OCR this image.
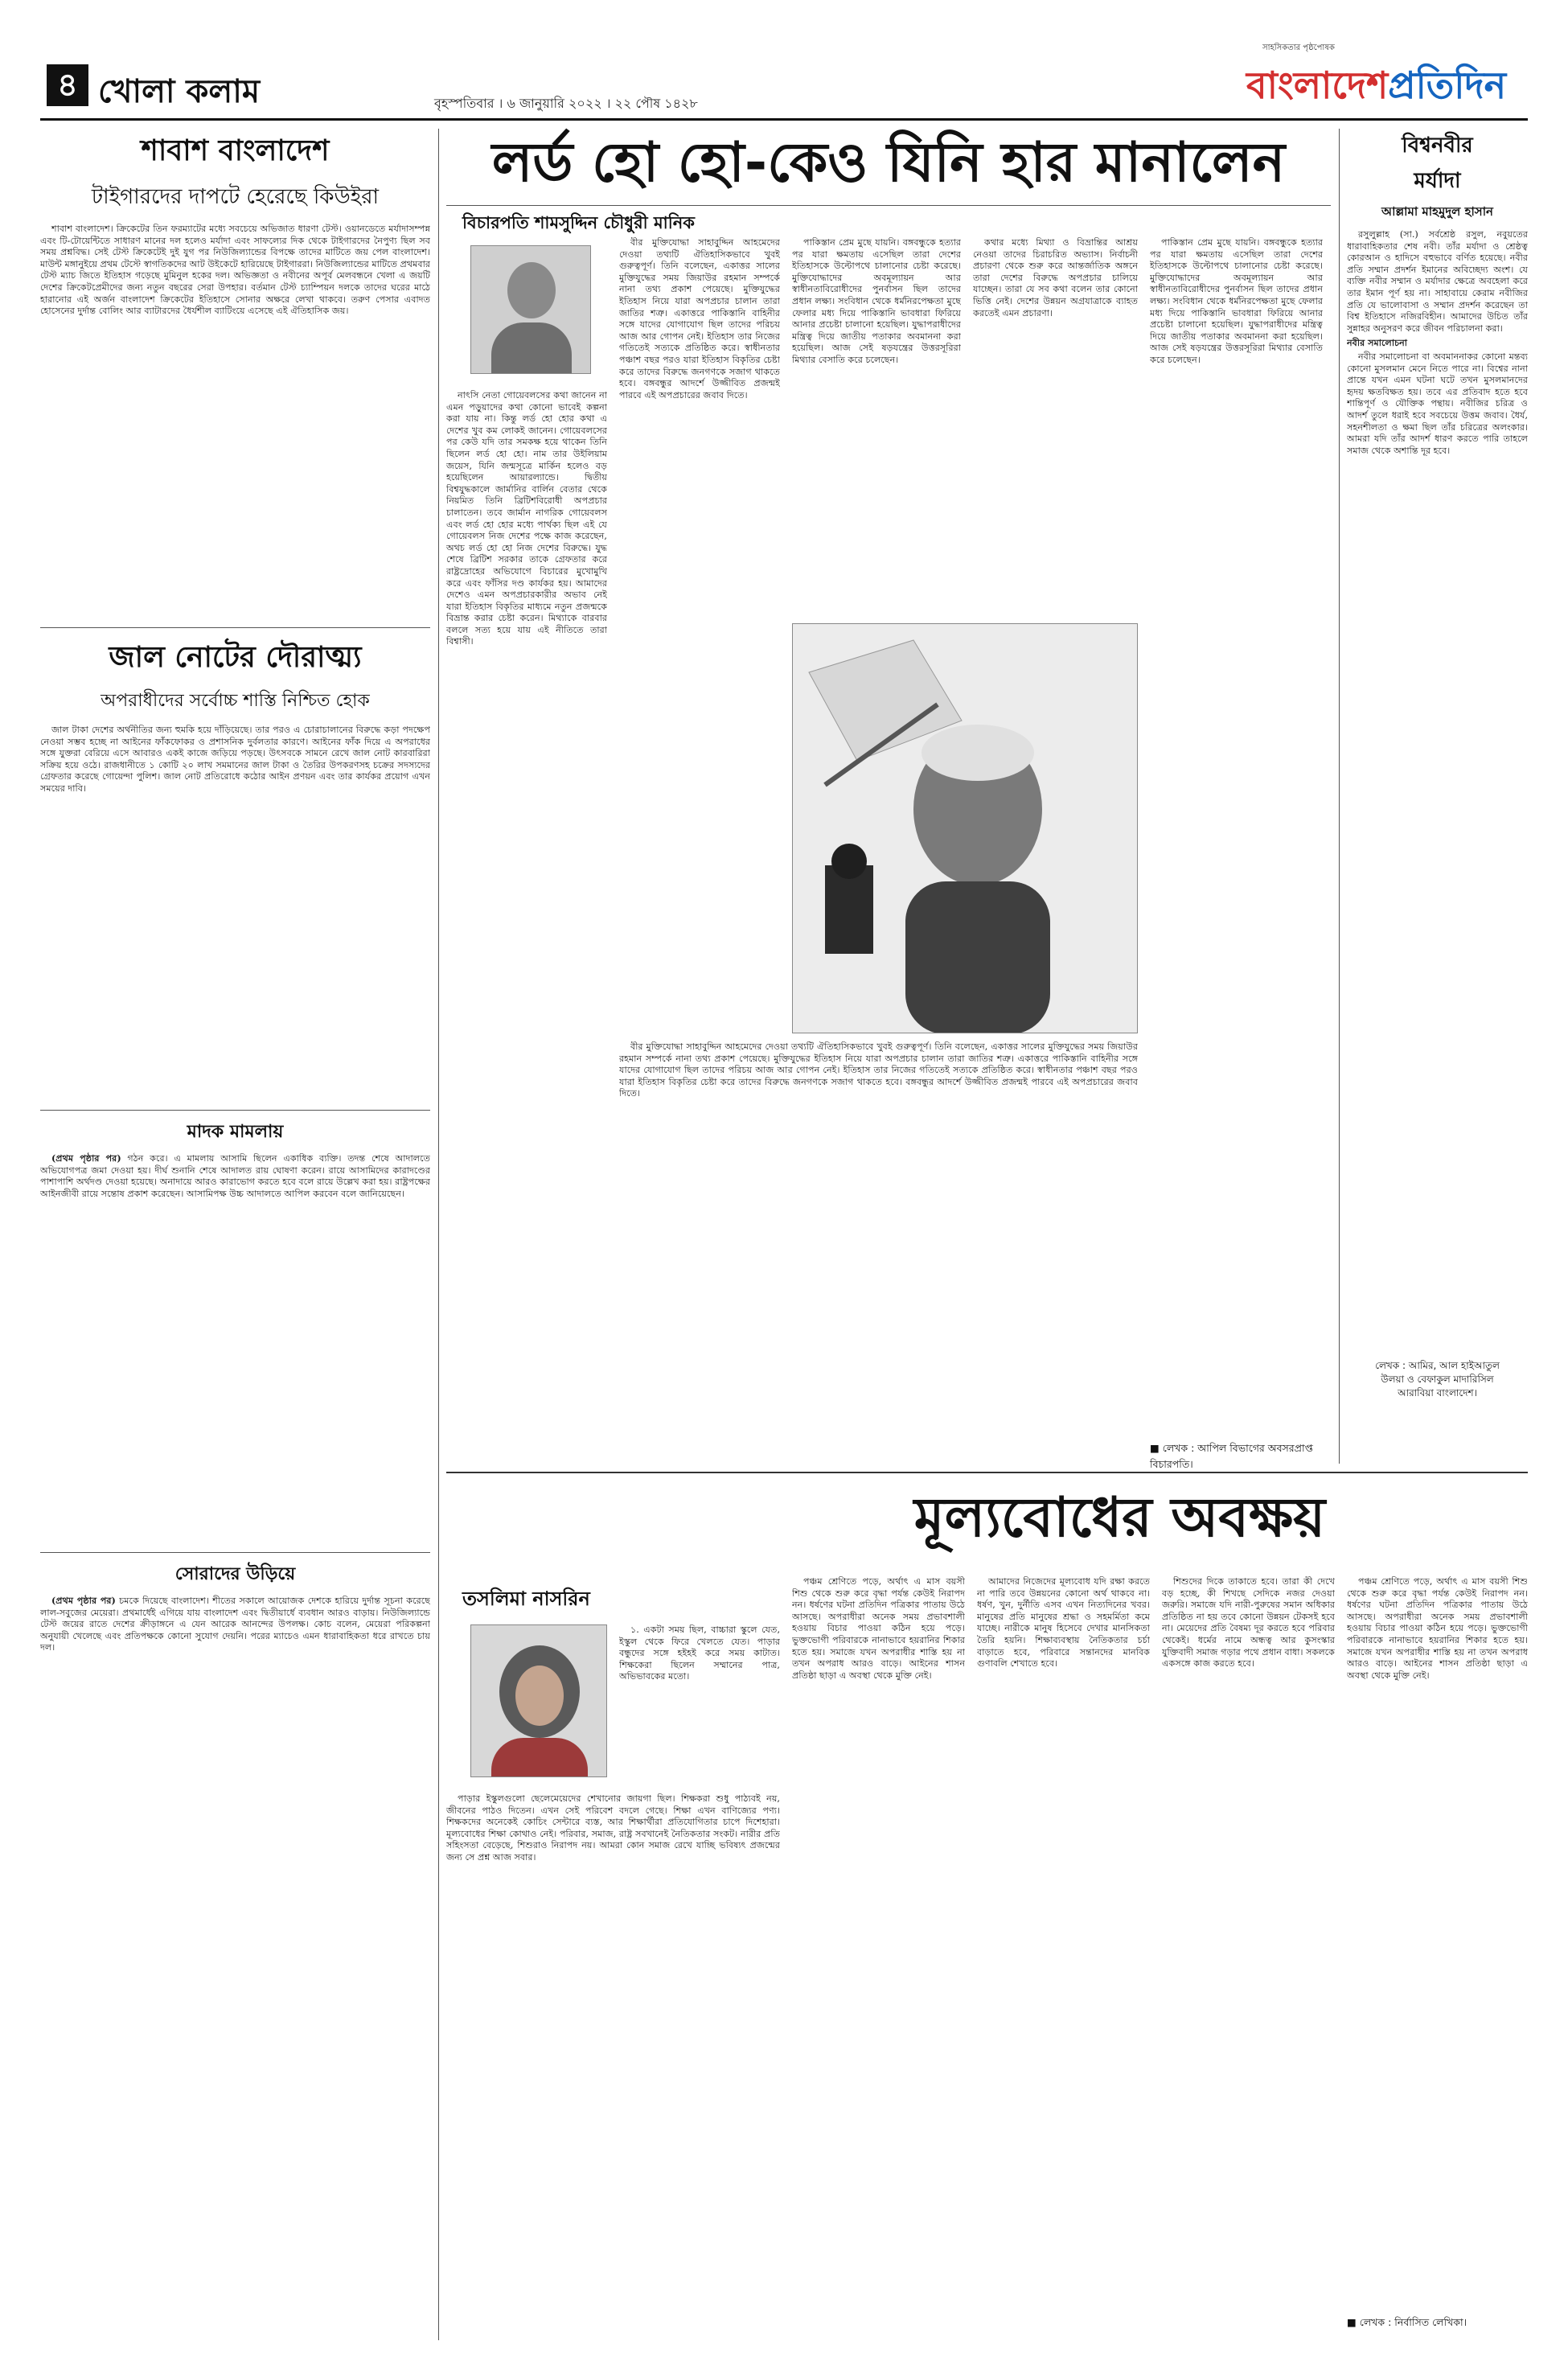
৪ খোলা কলাম	বৃহস্পতিবার । ৬ জানুয়ারি ২০২২ । ২২ পৌষ ১৪২৮
সাহসিকতার পৃষ্ঠপোষক
বাংলাদেশপ্রতিদিন
শাবাশ বাংলাদেশ
টাইগারদের দাপটে হেরেছে কিউইরা

শাবাশ বাংলাদেশ। ক্রিকেটের তিন ফরম্যাটের মধ্যে সবচেয়ে অভিজাত ধারণা টেস্ট। ওয়ানডেতে মর্যাদাসম্পন্ন এবং টি-টোয়েন্টিতে সাধারণ মানের দল হলেও মর্যাদা এবং সাফল্যের দিক থেকে টাইগারদের নৈপুণ্য ছিল সব সময় প্রশ্নবিদ্ধ। সেই টেস্ট ক্রিকেটেই দুই যুগ পর নিউজিল্যান্ডের বিপক্ষে তাদের মাটিতে জয় পেল বাংলাদেশ। মাউন্ট মঙ্গানুইয়ে প্রথম টেস্টে স্বাগতিকদের আট উইকেটে হারিয়েছে টাইগাররা। নিউজিল্যান্ডের মাটিতে প্রথমবার টেস্ট ম্যাচ জিতে ইতিহাস গড়েছে মুমিনুল হকের দল। অভিজ্ঞতা ও নবীনের অপূর্ব মেলবন্ধনে খেলা এ জয়টি দেশের ক্রিকেটপ্রেমীদের জন্য নতুন বছরের সেরা উপহার। বর্তমান টেস্ট চ্যাম্পিয়ন দলকে তাদের ঘরের মাঠে হারানোর এই অর্জন বাংলাদেশ ক্রিকেটের ইতিহাসে সোনার অক্ষরে লেখা থাকবে। তরুণ পেসার এবাদত হোসেনের দুর্দান্ত বোলিং আর ব্যাটারদের ধৈর্যশীল ব্যাটিংয়ে এসেছে এই ঐতিহাসিক জয়।

জাল নোটের দৌরাত্ম্য
অপরাধীদের সর্বোচ্চ শাস্তি নিশ্চিত হোক

জাল টাকা দেশের অর্থনীতির জন্য হুমকি হয়ে দাঁড়িয়েছে। তার পরও এ চোরাচালানের বিরুদ্ধে কড়া পদক্ষেপ নেওয়া সম্ভব হচ্ছে না আইনের ফাঁকফোকর ও প্রশাসনিক দুর্বলতার কারণে। আইনের ফাঁক দিয়ে এ অপরাধের সঙ্গে যুক্তরা বেরিয়ে এসে আবারও একই কাজে জড়িয়ে পড়ছে। উৎসবকে সামনে রেখে জাল নোট কারবারিরা সক্রিয় হয়ে ওঠে। রাজধানীতে ১ কোটি ২০ লাখ সমমানের জাল টাকা ও তৈরির উপকরণসহ চক্রের সদস্যদের গ্রেফতার করেছে গোয়েন্দা পুলিশ। জাল নোট প্রতিরোধে কঠোর আইন প্রণয়ন এবং তার কার্যকর প্রয়োগ এখন সময়ের দাবি।

মাদক মামলায়

(প্রথম পৃষ্ঠার পর) গঠন করে। এ মামলায় আসামি ছিলেন একাধিক ব্যক্তি। তদন্ত শেষে আদালতে অভিযোগপত্র জমা দেওয়া হয়। দীর্ঘ শুনানি শেষে আদালত রায় ঘোষণা করেন। রায়ে আসামিদের কারাদণ্ডের পাশাপাশি অর্থদণ্ড দেওয়া হয়েছে। অনাদায়ে আরও কারাভোগ করতে হবে বলে রায়ে উল্লেখ করা হয়। রাষ্ট্রপক্ষের আইনজীবী রায়ে সন্তোষ প্রকাশ করেছেন। আসামিপক্ষ উচ্চ আদালতে আপিল করবেন বলে জানিয়েছেন।

সোরাদের উড়িয়ে

(প্রথম পৃষ্ঠার পর) চমকে দিয়েছে বাংলাদেশ। শীতের সকালে আয়োজক দেশকে হারিয়ে দুর্দান্ত সূচনা করেছে লাল-সবুজের মেয়েরা। প্রথমার্ধেই এগিয়ে যায় বাংলাদেশ এবং দ্বিতীয়ার্ধে ব্যবধান আরও বাড়ায়। নিউজিল্যান্ডে টেস্ট জয়ের রাতে দেশের ক্রীড়াঙ্গনে এ যেন আরেক আনন্দের উপলক্ষ। কোচ বলেন, মেয়েরা পরিকল্পনা অনুযায়ী খেলেছে এবং প্রতিপক্ষকে কোনো সুযোগ দেয়নি। পরের ম্যাচেও এমন ধারাবাহিকতা ধরে রাখতে চায় দল।

লর্ড হো হো-কেও যিনি হার মানালেন
বিচারপতি শামসুদ্দিন চৌধুরী মানিক

নাৎসি নেতা গোয়েবলসের কথা জানেন না এমন পড়ুয়াদের কথা কোনো ভাবেই কল্পনা করা যায় না। কিন্তু লর্ড হো হোর কথা এ দেশের খুব কম লোকই জানেন। গোয়েবলসের পর কেউ যদি তার সমকক্ষ হয়ে থাকেন তিনি ছিলেন লর্ড হো হো। নাম তার উইলিয়াম জয়েস, যিনি জন্মসূত্রে মার্কিন হলেও বড় হয়েছিলেন আয়ারল্যান্ডে। দ্বিতীয় বিশ্বযুদ্ধকালে জার্মানির বার্লিন বেতার থেকে নিয়মিত তিনি ব্রিটিশবিরোধী অপপ্রচার চালাতেন। তবে জার্মান নাগরিক গোয়েবলস এবং লর্ড হো হোর মধ্যে পার্থক্য ছিল এই যে গোয়েবলস নিজ দেশের পক্ষে কাজ করেছেন, অথচ লর্ড হো হো নিজ দেশের বিরুদ্ধে। যুদ্ধ শেষে ব্রিটিশ সরকার তাকে গ্রেফতার করে রাষ্ট্রদ্রোহের অভিযোগে বিচারের মুখোমুখি করে এবং ফাঁসির দণ্ড কার্যকর হয়। আমাদের দেশেও এমন অপপ্রচারকারীর অভাব নেই যারা ইতিহাস বিকৃতির মাধ্যমে নতুন প্রজন্মকে বিভ্রান্ত করার চেষ্টা করেন। মিথ্যাকে বারবার বললে সত্য হয়ে যায় এই নীতিতে তারা বিশ্বাসী।

বীর মুক্তিযোদ্ধা সাহাবুদ্দিন আহমেদের দেওয়া তথ্যটি ঐতিহাসিকভাবে খুবই গুরুত্বপূর্ণ। তিনি বলেছেন, একাত্তর সালের মুক্তিযুদ্ধের সময় জিয়াউর রহমান সম্পর্কে নানা তথ্য প্রকাশ পেয়েছে। মুক্তিযুদ্ধের ইতিহাস নিয়ে যারা অপপ্রচার চালান তারা জাতির শত্রু। একাত্তরে পাকিস্তানি বাহিনীর সঙ্গে যাদের যোগাযোগ ছিল তাদের পরিচয় আজ আর গোপন নেই। ইতিহাস তার নিজের গতিতেই সত্যকে প্রতিষ্ঠিত করে। স্বাধীনতার পঞ্চাশ বছর পরও যারা ইতিহাস বিকৃতির চেষ্টা করে তাদের বিরুদ্ধে জনগণকে সজাগ থাকতে হবে। বঙ্গবন্ধুর আদর্শে উজ্জীবিত প্রজন্মই পারবে এই অপপ্রচারের জবাব দিতে।

পাকিস্তান প্রেম মুছে যায়নি। বঙ্গবন্ধুকে হত্যার পর যারা ক্ষমতায় এসেছিল তারা দেশের ইতিহাসকে উল্টোপথে চালানোর চেষ্টা করেছে। মুক্তিযোদ্ধাদের অবমূল্যায়ন আর স্বাধীনতাবিরোধীদের পুনর্বাসন ছিল তাদের প্রধান লক্ষ্য। সংবিধান থেকে ধর্মনিরপেক্ষতা মুছে ফেলার মধ্য দিয়ে পাকিস্তানি ভাবধারা ফিরিয়ে আনার প্রচেষ্টা চালানো হয়েছিল। যুদ্ধাপরাধীদের মন্ত্রিত্ব দিয়ে জাতীয় পতাকার অবমাননা করা হয়েছিল। আজ সেই ষড়যন্ত্রের উত্তরসূরিরা মিথ্যার বেসাতি করে চলেছেন।

কথার মধ্যে মিথ্যা ও বিভ্রান্তির আশ্রয় নেওয়া তাদের চিরাচরিত অভ্যাস। নির্বাচনী প্রচারণা থেকে শুরু করে আন্তর্জাতিক অঙ্গনে তারা দেশের বিরুদ্ধে অপপ্রচার চালিয়ে যাচ্ছেন। তারা যে সব কথা বলেন তার কোনো ভিত্তি নেই। দেশের উন্নয়ন অগ্রযাত্রাকে ব্যাহত করতেই এমন প্রচারণা।

পাকিস্তান প্রেম মুছে যায়নি। বঙ্গবন্ধুকে হত্যার পর যারা ক্ষমতায় এসেছিল তারা দেশের ইতিহাসকে উল্টোপথে চালানোর চেষ্টা করেছে। মুক্তিযোদ্ধাদের অবমূল্যায়ন আর স্বাধীনতাবিরোধীদের পুনর্বাসন ছিল তাদের প্রধান লক্ষ্য। সংবিধান থেকে ধর্মনিরপেক্ষতা মুছে ফেলার মধ্য দিয়ে পাকিস্তানি ভাবধারা ফিরিয়ে আনার প্রচেষ্টা চালানো হয়েছিল। যুদ্ধাপরাধীদের মন্ত্রিত্ব দিয়ে জাতীয় পতাকার অবমাননা করা হয়েছিল। আজ সেই ষড়যন্ত্রের উত্তরসূরিরা মিথ্যার বেসাতি করে চলেছেন।

বীর মুক্তিযোদ্ধা সাহাবুদ্দিন আহমেদের দেওয়া তথ্যটি ঐতিহাসিকভাবে খুবই গুরুত্বপূর্ণ। তিনি বলেছেন, একাত্তর সালের মুক্তিযুদ্ধের সময় জিয়াউর রহমান সম্পর্কে নানা তথ্য প্রকাশ পেয়েছে। মুক্তিযুদ্ধের ইতিহাস নিয়ে যারা অপপ্রচার চালান তারা জাতির শত্রু। একাত্তরে পাকিস্তানি বাহিনীর সঙ্গে যাদের যোগাযোগ ছিল তাদের পরিচয় আজ আর গোপন নেই। ইতিহাস তার নিজের গতিতেই সত্যকে প্রতিষ্ঠিত করে। স্বাধীনতার পঞ্চাশ বছর পরও যারা ইতিহাস বিকৃতির চেষ্টা করে তাদের বিরুদ্ধে জনগণকে সজাগ থাকতে হবে। বঙ্গবন্ধুর আদর্শে উজ্জীবিত প্রজন্মই পারবে এই অপপ্রচারের জবাব দিতে।

■ লেখক : আপিল বিভাগের অবসরপ্রাপ্ত বিচারপতি।
বিশ্বনবীর
মর্যাদা
আল্লামা মাহমুদুল হাসান

রসুলুল্লাহ (সা.) সর্বশ্রেষ্ঠ রসুল, নবুয়তের ধারাবাহিকতার শেষ নবী। তাঁর মর্যাদা ও শ্রেষ্ঠত্ব কোরআন ও হাদিসে বহুভাবে বর্ণিত হয়েছে। নবীর প্রতি সম্মান প্রদর্শন ইমানের অবিচ্ছেদ্য অংশ। যে ব্যক্তি নবীর সম্মান ও মর্যাদার ক্ষেত্রে অবহেলা করে তার ইমান পূর্ণ হয় না। সাহাবায়ে কেরাম নবীজির প্রতি যে ভালোবাসা ও সম্মান প্রদর্শন করেছেন তা বিশ্ব ইতিহাসে নজিরবিহীন। আমাদের উচিত তাঁর সুন্নাহর অনুসরণ করে জীবন পরিচালনা করা।

নবীর সমালোচনা

নবীর সমালোচনা বা অবমাননাকর কোনো মন্তব্য কোনো মুসলমান মেনে নিতে পারে না। বিশ্বের নানা প্রান্তে যখন এমন ঘটনা ঘটে তখন মুসলমানদের হৃদয় ক্ষতবিক্ষত হয়। তবে এর প্রতিবাদ হতে হবে শান্তিপূর্ণ ও যৌক্তিক পন্থায়। নবীজির চরিত্র ও আদর্শ তুলে ধরাই হবে সবচেয়ে উত্তম জবাব। ধৈর্য, সহনশীলতা ও ক্ষমা ছিল তাঁর চরিত্রের অলংকার। আমরা যদি তাঁর আদর্শ ধারণ করতে পারি তাহলে সমাজ থেকে অশান্তি দূর হবে।

লেখক : আমির, আল হাইআতুল
উলয়া ও বেফাকুল মাদারিসিল
আরাবিয়া বাংলাদেশ।
মূল্যবোধের অবক্ষয়
তসলিমা নাসরিন

১. একটা সময় ছিল, বাচ্চারা স্কুলে যেত, ইস্কুল থেকে ফিরে খেলতে যেত। পাড়ার বন্ধুদের সঙ্গে হইহই করে সময় কাটাত। শিক্ষকেরা ছিলেন সম্মানের পাত্র, অভিভাবকের মতো।

পাড়ার ইস্কুলগুলো ছেলেমেয়েদের শেখানোর জায়গা ছিল। শিক্ষকরা শুধু পাঠ্যবই নয়, জীবনের পাঠও দিতেন। এখন সেই পরিবেশ বদলে গেছে। শিক্ষা এখন বাণিজ্যের পণ্য। শিক্ষকদের অনেকেই কোচিং সেন্টারে ব্যস্ত, আর শিক্ষার্থীরা প্রতিযোগিতার চাপে দিশেহারা। মূল্যবোধের শিক্ষা কোথাও নেই। পরিবার, সমাজ, রাষ্ট্র সবখানেই নৈতিকতার সংকট। নারীর প্রতি সহিংসতা বেড়েছে, শিশুরাও নিরাপদ নয়। আমরা কোন সমাজ রেখে যাচ্ছি ভবিষ্যৎ প্রজন্মের জন্য সে প্রশ্ন আজ সবার।

পঞ্চম শ্রেণিতে পড়ে, অর্থাৎ এ মাস বয়সী শিশু থেকে শুরু করে বৃদ্ধা পর্যন্ত কেউই নিরাপদ নন। ধর্ষণের ঘটনা প্রতিদিন পত্রিকার পাতায় উঠে আসছে। অপরাধীরা অনেক সময় প্রভাবশালী হওয়ায় বিচার পাওয়া কঠিন হয়ে পড়ে। ভুক্তভোগী পরিবারকে নানাভাবে হয়রানির শিকার হতে হয়। সমাজে যখন অপরাধীর শাস্তি হয় না তখন অপরাধ আরও বাড়ে। আইনের শাসন প্রতিষ্ঠা ছাড়া এ অবস্থা থেকে মুক্তি নেই।

আমাদের নিজেদের মূল্যবোধ যদি রক্ষা করতে না পারি তবে উন্নয়নের কোনো অর্থ থাকবে না। ধর্ষণ, খুন, দুর্নীতি এসব এখন নিত্যদিনের খবর। মানুষের প্রতি মানুষের শ্রদ্ধা ও সহমর্মিতা কমে যাচ্ছে। নারীকে মানুষ হিসেবে দেখার মানসিকতা তৈরি হয়নি। শিক্ষাব্যবস্থায় নৈতিকতার চর্চা বাড়াতে হবে, পরিবারে সন্তানদের মানবিক গুণাবলি শেখাতে হবে।

শিশুদের দিকে তাকাতে হবে। তারা কী দেখে বড় হচ্ছে, কী শিখছে সেদিকে নজর দেওয়া জরুরি। সমাজে যদি নারী-পুরুষের সমান অধিকার প্রতিষ্ঠিত না হয় তবে কোনো উন্নয়ন টেকসই হবে না। মেয়েদের প্রতি বৈষম্য দূর করতে হবে পরিবার থেকেই। ধর্মের নামে অন্ধত্ব আর কুসংস্কার যুক্তিবাদী সমাজ গড়ার পথে প্রধান বাধা। সকলকে একসঙ্গে কাজ করতে হবে।

পঞ্চম শ্রেণিতে পড়ে, অর্থাৎ এ মাস বয়সী শিশু থেকে শুরু করে বৃদ্ধা পর্যন্ত কেউই নিরাপদ নন। ধর্ষণের ঘটনা প্রতিদিন পত্রিকার পাতায় উঠে আসছে। অপরাধীরা অনেক সময় প্রভাবশালী হওয়ায় বিচার পাওয়া কঠিন হয়ে পড়ে। ভুক্তভোগী পরিবারকে নানাভাবে হয়রানির শিকার হতে হয়। সমাজে যখন অপরাধীর শাস্তি হয় না তখন অপরাধ আরও বাড়ে। আইনের শাসন প্রতিষ্ঠা ছাড়া এ অবস্থা থেকে মুক্তি নেই।

■ লেখক : নির্বাসিত লেখিকা।
